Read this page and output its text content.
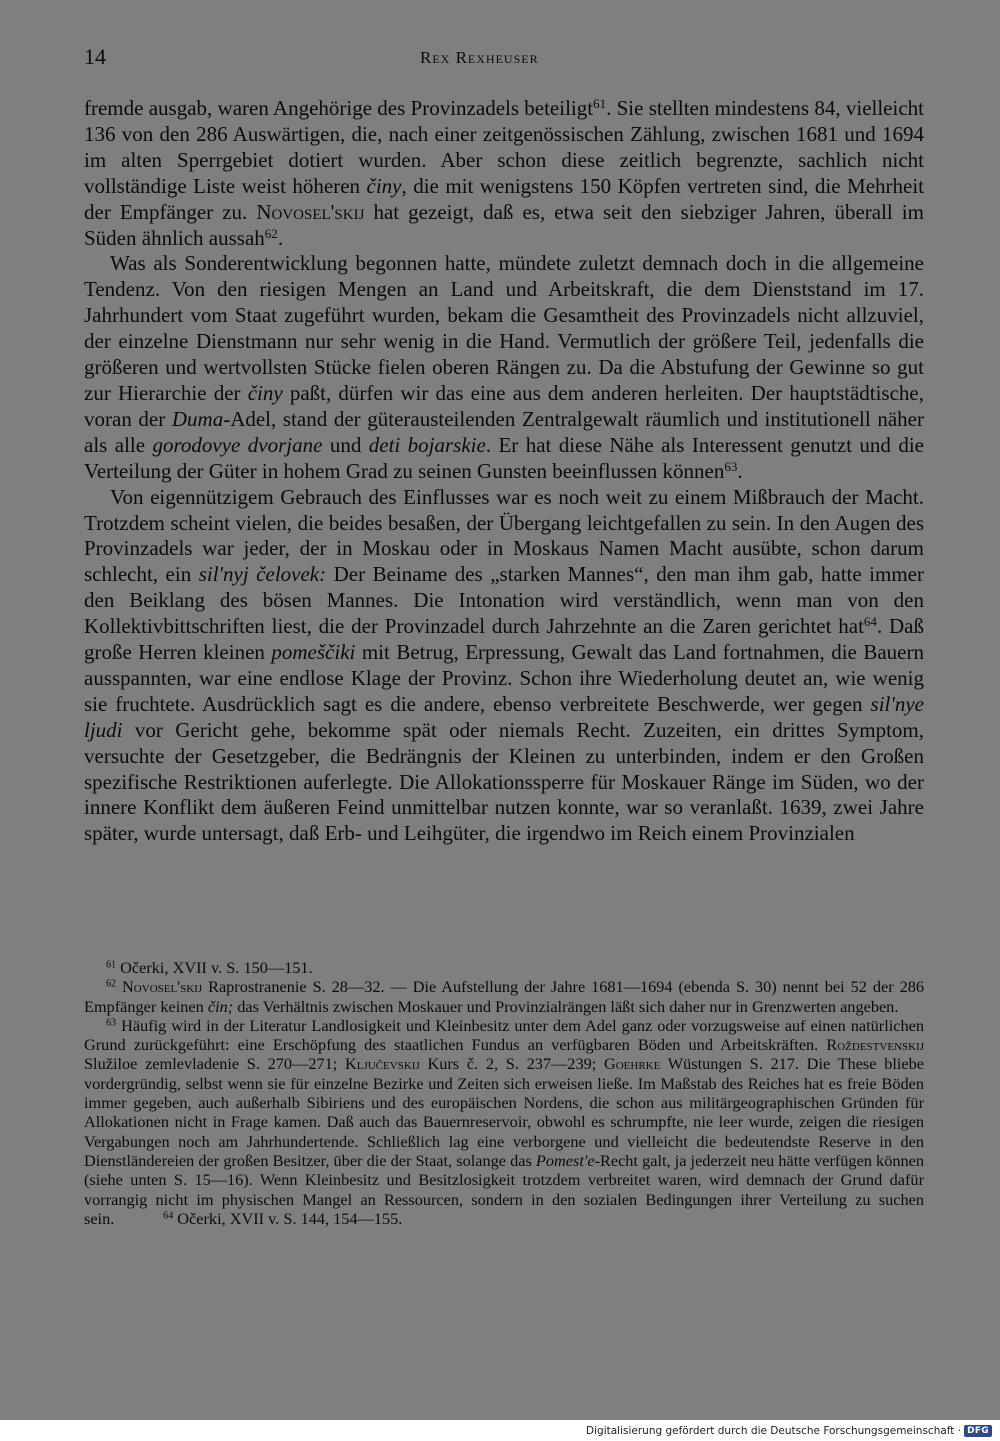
14	Rex Rexheuser

fremde ausgab, waren Angehörige des Provinzadels beteiligt$^{61}$. Sie stellten mindestens 84, vielleicht 136 von den 286 Auswärtigen, die, nach einer zeitgenössischen Zählung, zwischen 1681 und 1694 im alten Sperrgebiet dotiert wurden. Aber schon diese zeitlich begrenzte, sachlich nicht vollständige Liste weist höheren činy, die mit wenigstens 150 Köpfen vertreten sind, die Mehrheit der Empfänger zu. Novosel'skij hat gezeigt, daß es, etwa seit den siebziger Jahren, überall im Süden ähnlich aussah$^{62}$.

Was als Sonderentwicklung begonnen hatte, mündete zuletzt demnach doch in die allgemeine Tendenz. Von den riesigen Mengen an Land und Arbeitskraft, die dem Dienststand im 17. Jahrhundert vom Staat zugeführt wurden, bekam die Gesamtheit des Provinzadels nicht allzuviel, der einzelne Dienstmann nur sehr wenig in die Hand. Vermutlich der größere Teil, jedenfalls die größeren und wertvollsten Stücke fielen oberen Rängen zu. Da die Abstufung der Gewinne so gut zur Hierarchie der činy paßt, dürfen wir das eine aus dem anderen herleiten. Der hauptstädtische, voran der Duma-Adel, stand der güterausteilenden Zentralgewalt räumlich und institutionell näher als alle gorodovye dvorjane und deti bojarskie. Er hat diese Nähe als Interessent genutzt und die Verteilung der Güter in hohem Grad zu seinen Gunsten beeinflussen können$^{63}$.

Von eigennützigem Gebrauch des Einflusses war es noch weit zu einem Mißbrauch der Macht. Trotzdem scheint vielen, die beides besaßen, der Übergang leichtgefallen zu sein. In den Augen des Provinzadels war jeder, der in Moskau oder in Moskaus Namen Macht ausübte, schon darum schlecht, ein sil'nyj čelovek: Der Beiname des „starken Mannes“, den man ihm gab, hatte immer den Beiklang des bösen Mannes. Die Intonation wird verständlich, wenn man von den Kollektivbittschriften liest, die der Provinzadel durch Jahrzehnte an die Zaren gerichtet hat$^{64}$. Daß große Herren kleinen pomeščiki mit Betrug, Erpressung, Gewalt das Land fortnahmen, die Bauern ausspannten, war eine endlose Klage der Provinz. Schon ihre Wiederholung deutet an, wie wenig sie fruchtete. Ausdrücklich sagt es die andere, ebenso verbreitete Beschwerde, wer gegen sil'nye ljudi vor Gericht gehe, bekomme spät oder niemals Recht. Zuzeiten, ein drittes Symptom, versuchte der Gesetzgeber, die Bedrängnis der Kleinen zu unterbinden, indem er den Großen spezifische Restriktionen auferlegte. Die Allokationssperre für Moskauer Ränge im Süden, wo der innere Konflikt dem äußeren Feind unmittelbar nutzen konnte, war so veranlaßt. 1639, zwei Jahre später, wurde untersagt, daß Erb- und Leihgüter, die irgendwo im Reich einem Provinzialen

$^{61}$ Očerki, XVII v. S. 150—151.

$^{62}$ Novosel'skij Raprostranenie S. 28—32. — Die Aufstellung der Jahre 1681—1694 (ebenda S. 30) nennt bei 52 der 286 Empfänger keinen čin; das Verhältnis zwischen Moskauer und Provinzialrängen läßt sich daher nur in Grenzwerten angeben.

$^{63}$ Häufig wird in der Literatur Landlosigkeit und Kleinbesitz unter dem Adel ganz oder vorzugsweise auf einen natürlichen Grund zurückgeführt: eine Erschöpfung des staatlichen Fundus an verfügbaren Böden und Arbeitskräften. Roždestvenskij Služiloe zemlevladenie S. 270—271; Ključevskij Kurs č. 2, S. 237—239; Goehrke Wüstungen S. 217. Die These bliebe vordergründig, selbst wenn sie für einzelne Bezirke und Zeiten sich erweisen ließe. Im Maßstab des Reiches hat es freie Böden immer gegeben, auch außerhalb Sibiriens und des europäischen Nordens, die schon aus militärgeographischen Gründen für Allokationen nicht in Frage kamen. Daß auch das Bauernreservoir, obwohl es schrumpfte, nie leer wurde, zeigen die riesigen Vergabungen noch am Jahrhundertende. Schließlich lag eine verborgene und vielleicht die bedeutendste Reserve in den Dienstländereien der großen Besitzer, über die der Staat, solange das Pomest'e-Recht galt, ja jederzeit neu hätte verfügen können (siehe unten S. 15—16). Wenn Kleinbesitz und Besitzlosigkeit trotzdem verbreitet waren, wird demnach der Grund dafür vorrangig nicht im physischen Mangel an Ressourcen, sondern in den sozialen Bedingungen ihrer Verteilung zu suchen sein.	$^{64}$ Očerki, XVII v. S. 144, 154—155.

Digitalisierung gefördert durch die Deutsche Forschungsgemeinschaft · DFG
